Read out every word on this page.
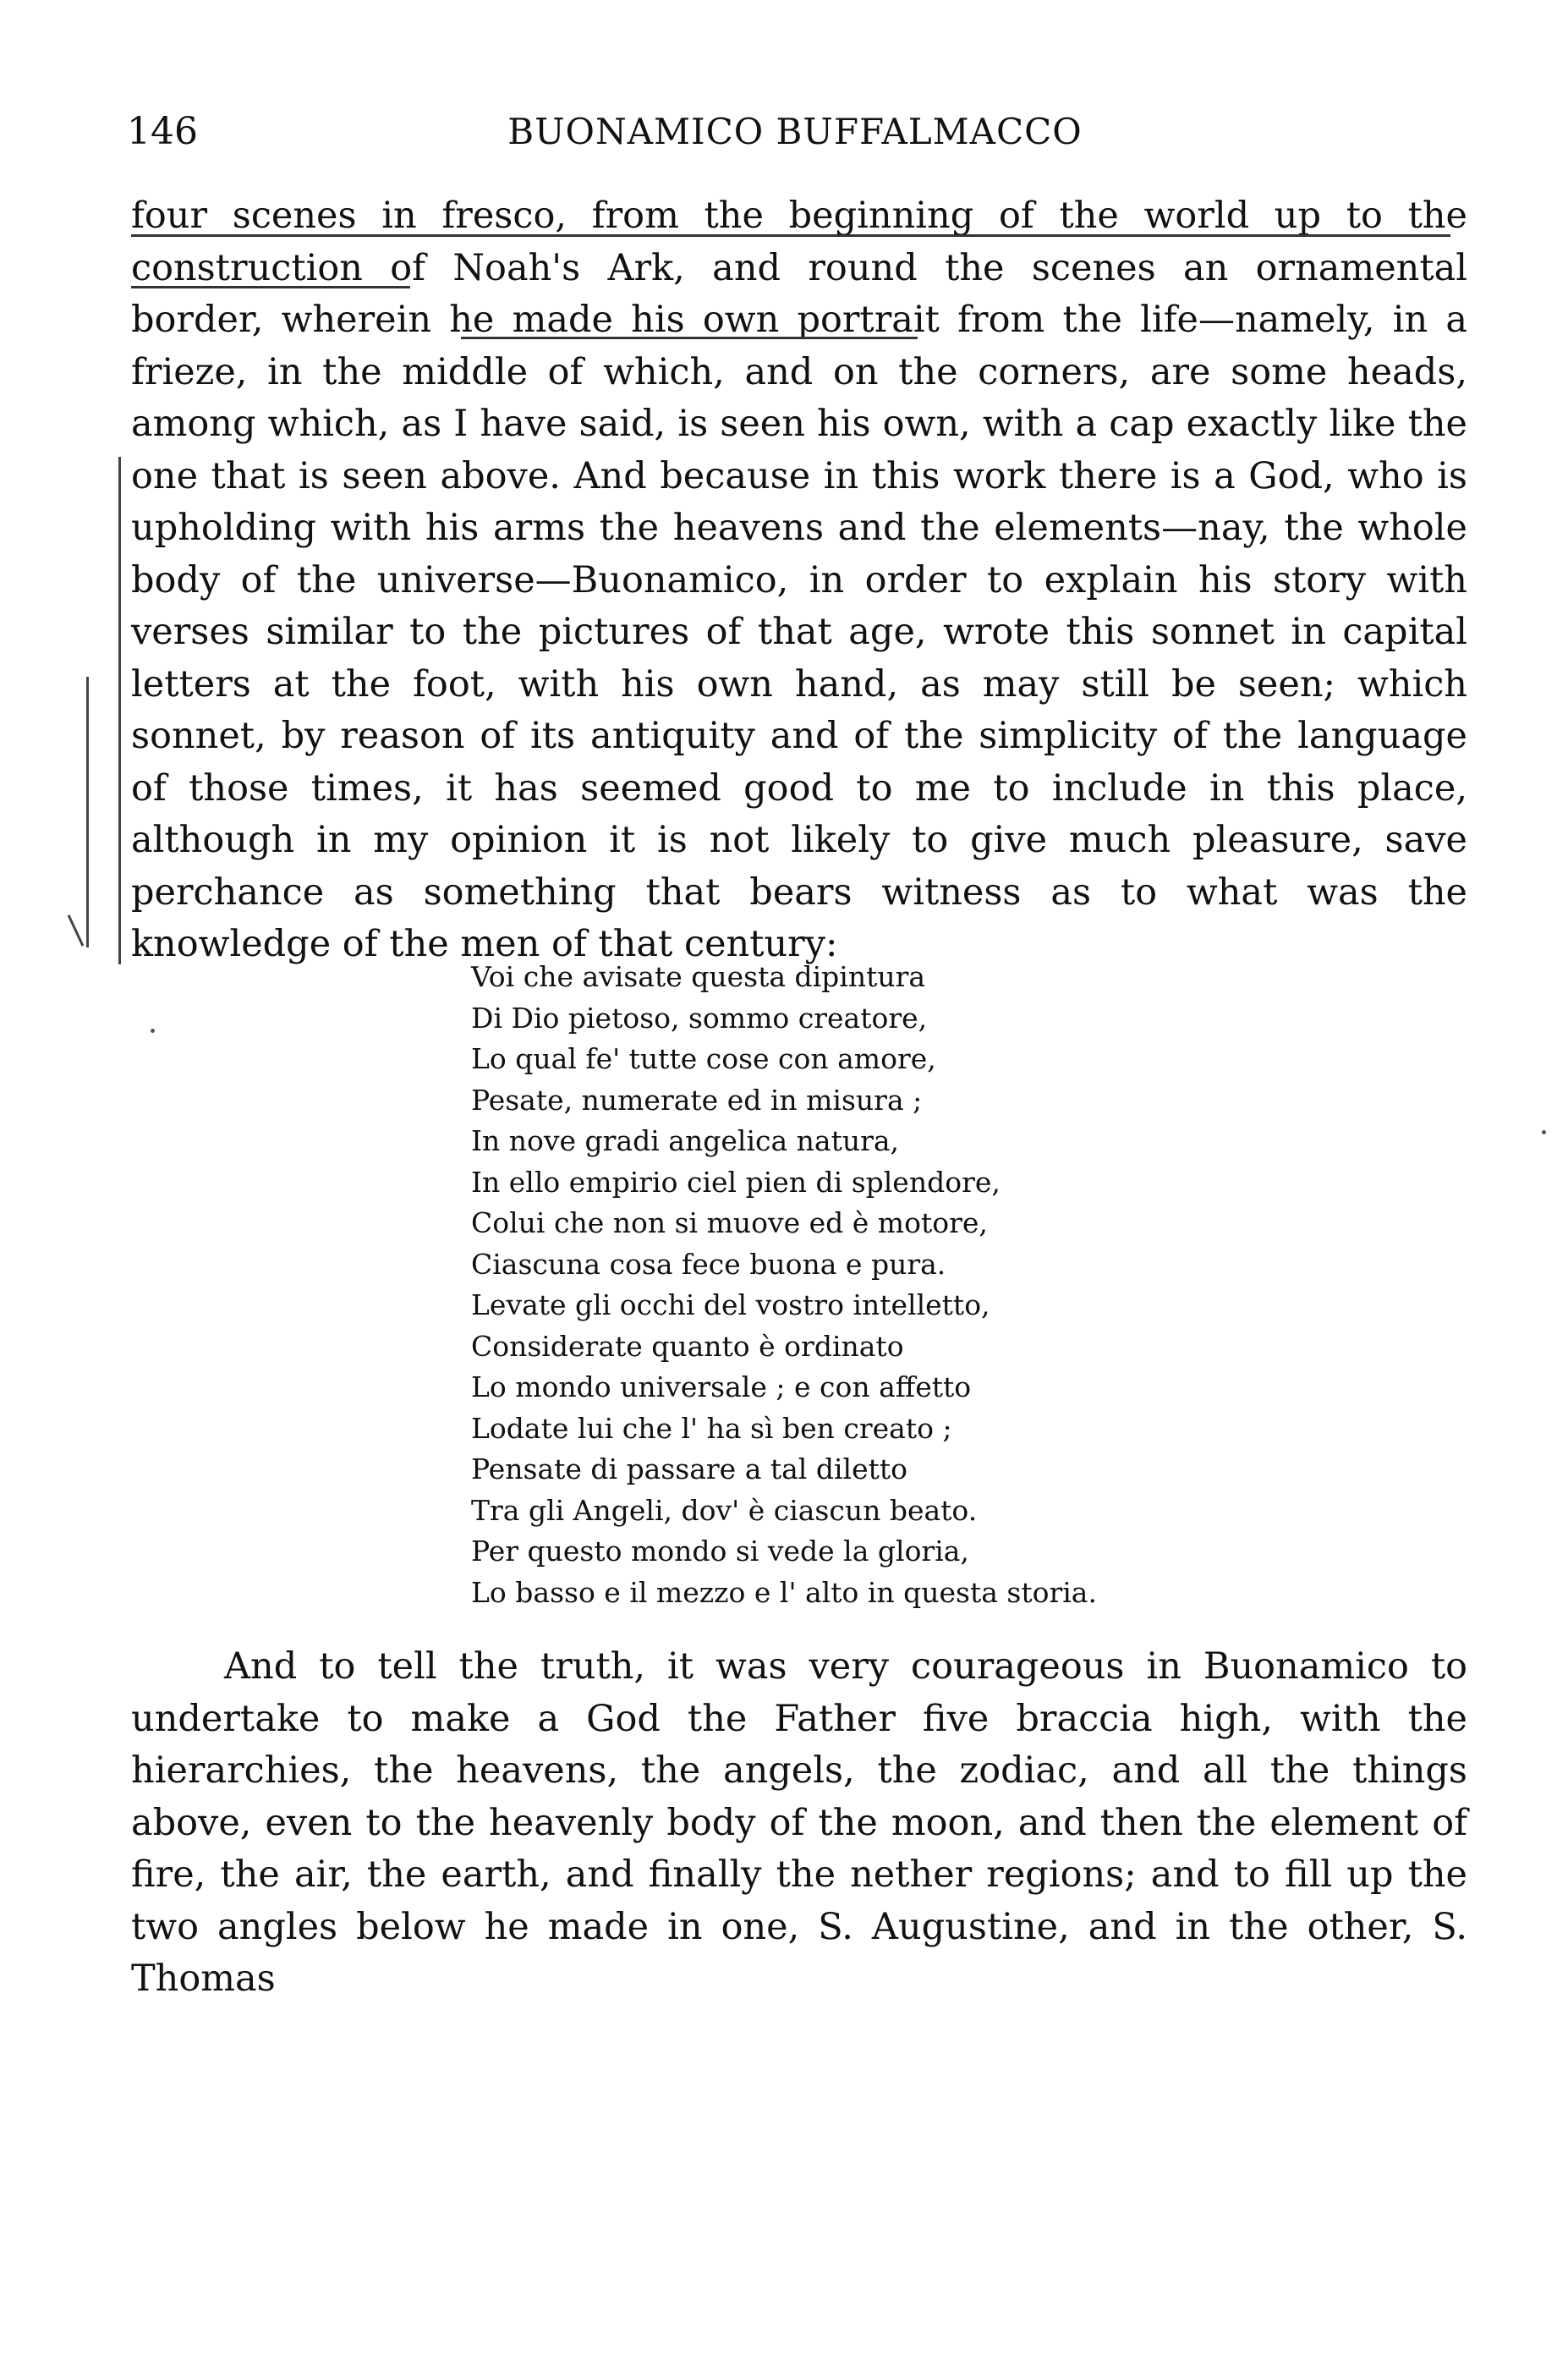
146	BUONAMICO BUFFALMACCO

four scenes in fresco, from the beginning of the world up to the construction of Noah's Ark, and round the scenes an ornamental border, wherein he made his own portrait from the life—namely, in a frieze, in the middle of which, and on the corners, are some heads, among which, as I have said, is seen his own, with a cap exactly like the one that is seen above. And because in this work there is a God, who is upholding with his arms the heavens and the elements—nay, the whole body of the universe—Buonamico, in order to explain his story with verses similar to the pictures of that age, wrote this sonnet in capital letters at the foot, with his own hand, as may still be seen; which sonnet, by reason of its antiquity and of the simplicity of the language of those times, it has seemed good to me to include in this place, although in my opinion it is not likely to give much pleasure, save perchance as something that bears witness as to what was the knowledge of the men of that century:

Voi che avisate questa dipintura
Di Dio pietoso, sommo creatore,
Lo qual fe' tutte cose con amore,
Pesate, numerate ed in misura ;
In nove gradi angelica natura,
In ello empirio ciel pien di splendore,
Colui che non si muove ed è motore,
Ciascuna cosa fece buona e pura.
Levate gli occhi del vostro intelletto,
Considerate quanto è ordinato
Lo mondo universale ; e con affetto
Lodate lui che l' ha sì ben creato ;
Pensate di passare a tal diletto
Tra gli Angeli, dov' è ciascun beato.
Per questo mondo si vede la gloria,
Lo basso e il mezzo e l' alto in questa storia.

And to tell the truth, it was very courageous in Buonamico to undertake to make a God the Father five braccia high, with the hierarchies, the heavens, the angels, the zodiac, and all the things above, even to the heavenly body of the moon, and then the element of fire, the air, the earth, and finally the nether regions; and to fill up the two angles below he made in one, S. Augustine, and in the other, S. Thomas
